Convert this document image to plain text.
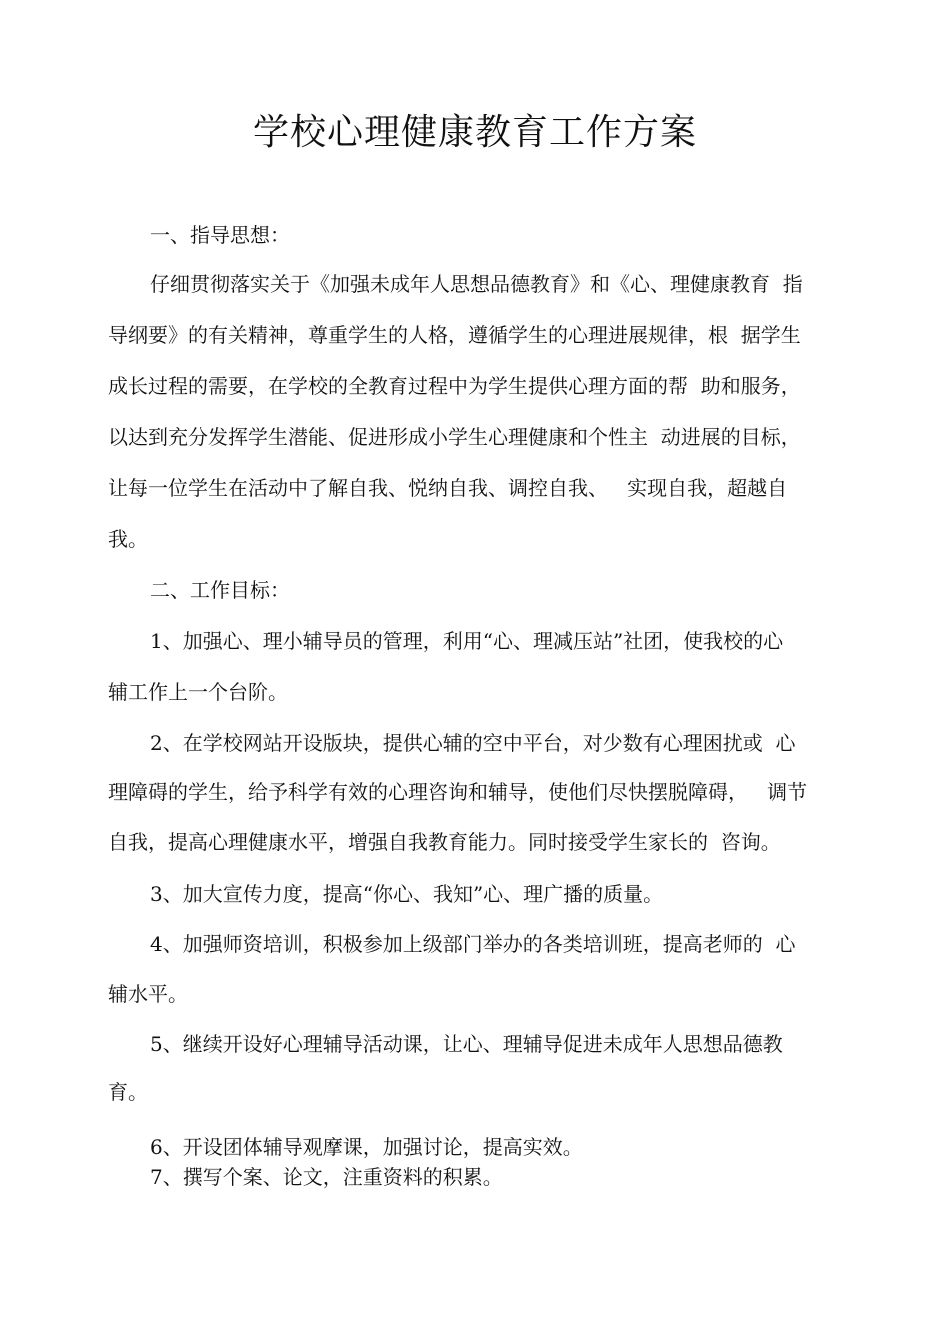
学校心理健康教育工作方案
一、指导思想：
仔细贯彻落实关于《加强未成年人思想品德教育》和《心、理健康教育  指
导纲要》的有关精神，尊重学生的人格，遵循学生的心理进展规律，根  据学生
成长过程的需要，在学校的全教育过程中为学生提供心理方面的帮  助和服务，
以达到充分发挥学生潜能、促进形成小学生心理健康和个性主  动进展的目标，
让每一位学生在活动中了解自我、悦纳自我、调控自我、   实现自我，超越自
我。
二、工作目标：
1、加强心、理小辅导员的管理，利用“心、理减压站”社团，使我校的心
辅工作上一个台阶。
2、在学校网站开设版块，提供心辅的空中平台，对少数有心理困扰或  心
理障碍的学生，给予科学有效的心理咨询和辅导，使他们尽快摆脱障碍，   调节
自我，提高心理健康水平，增强自我教育能力。同时接受学生家长的  咨询。
3、加大宣传力度，提高“你心、我知”心、理广播的质量。
4、加强师资培训，积极参加上级部门举办的各类培训班，提高老师的  心
辅水平。
5、继续开设好心理辅导活动课，让心、理辅导促进未成年人思想品德教
育。
6、开设团体辅导观摩课，加强讨论，提高实效。
7、撰写个案、论文，注重资料的积累。
